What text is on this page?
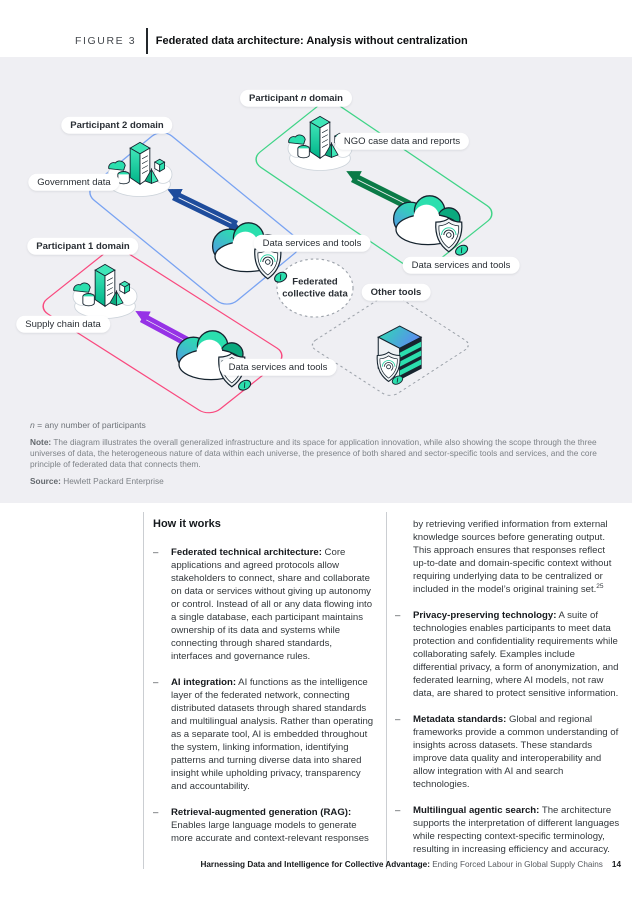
FIGURE 3 Federated data architecture: Analysis without centralization
Participant 2 domain
Participant n domain
Participant 1 domain
Government data
NGO case data and reports
Supply chain data
Data services and tools
Data services and tools
Data services and tools
Other tools
Federated collective data

n = any number of participants

Note: The diagram illustrates the overall generalized infrastructure and its space for application innovation, while also showing the scope through the three universes of data, the heterogeneous nature of data within each universe, the presence of both shared and sector-specific tools and services, and the core principle of federated data that connects them.

Source: Hewlett Packard Enterprise

How it works

–	Federated technical architecture: Core applications and agreed protocols allow stakeholders to connect, share and collaborate on data or services without giving up autonomy or control. Instead of all or any data flowing into a single database, each participant maintains ownership of its data and systems while connecting through shared standards, interfaces and governance rules.
–	AI integration: AI functions as the intelligence layer of the federated network, connecting distributed datasets through shared standards and multilingual analysis. Rather than operating as a separate tool, AI is embedded throughout the system, linking information, identifying patterns and turning diverse data into shared insight while upholding privacy, transparency and accountability.
–	Retrieval-augmented generation (RAG): Enables large language models to generate more accurate and context-relevant responses

by retrieving verified information from external knowledge sources before generating output. This approach ensures that responses reflect up-to-date and domain-specific context without requiring underlying data to be centralized or included in the model’s original training set.$^{25}$

–	Privacy-preserving technology: A suite of technologies enables participants to meet data protection and confidentiality requirements while collaborating safely. Examples include differential privacy, a form of anonymization, and federated learning, where AI models, not raw data, are shared to protect sensitive information.
–	Metadata standards: Global and regional frameworks provide a common understanding of insights across datasets. These standards improve data quality and interoperability and allow integration with AI and search technologies.
–	Multilingual agentic search: The architecture supports the interpretation of different languages while respecting context-specific terminology, resulting in increasing efficiency and accuracy.
Harnessing Data and Intelligence for Collective Advantage: Ending Forced Labour in Global Supply Chains 14
